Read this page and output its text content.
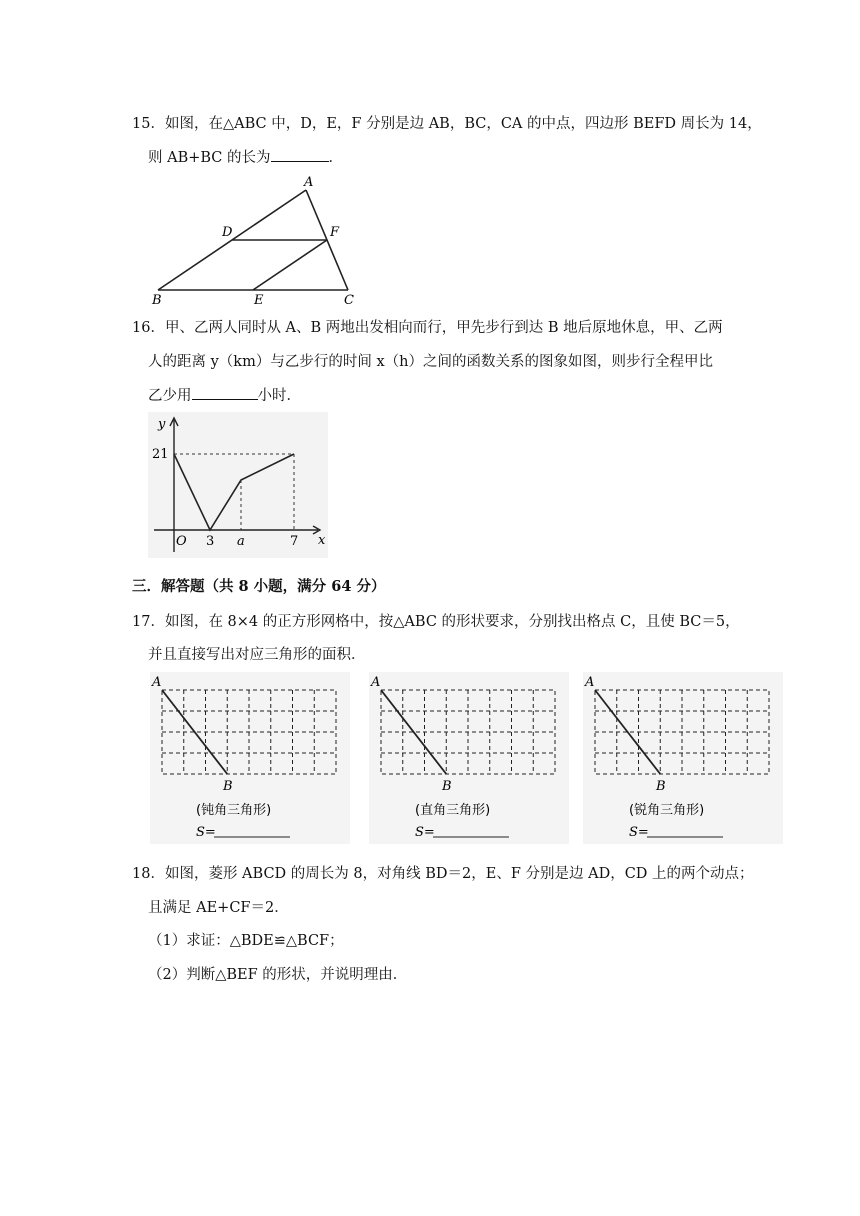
15．如图，在△ABC 中，D，E，F 分别是边 AB，BC，CA 的中点，四边形 BEFD 周长为 14，
则 AB+BC 的长为	．
A
B	C
D
E
F
16．甲、乙两人同时从 A、B 两地出发相向而行，甲先步行到达 B 地后原地休息，甲、乙两
人的距离 y（km）与乙步行的时间 x（h）之间的函数关系的图象如图，则步行全程甲比
乙少用	小时．
y
x
O
21
3 a	7
三．解答题（共 8 小题，满分 64 分）
17．如图，在 8×4 的正方形网格中，按△ABC 的形状要求，分别找出格点 C，且使 BC＝5，
并且直接写出对应三角形的面积．
A
B
(钝角三角形)
S=
A
B
(直角三角形)
S=
A
B
(锐角三角形)
S=
18．如图，菱形 ABCD 的周长为 8，对角线 BD＝2，E、F 分别是边 AD，CD 上的两个动点；
且满足 AE+CF＝2．
（1）求证：△BDE≌△BCF；
（2）判断△BEF 的形状，并说明理由．
